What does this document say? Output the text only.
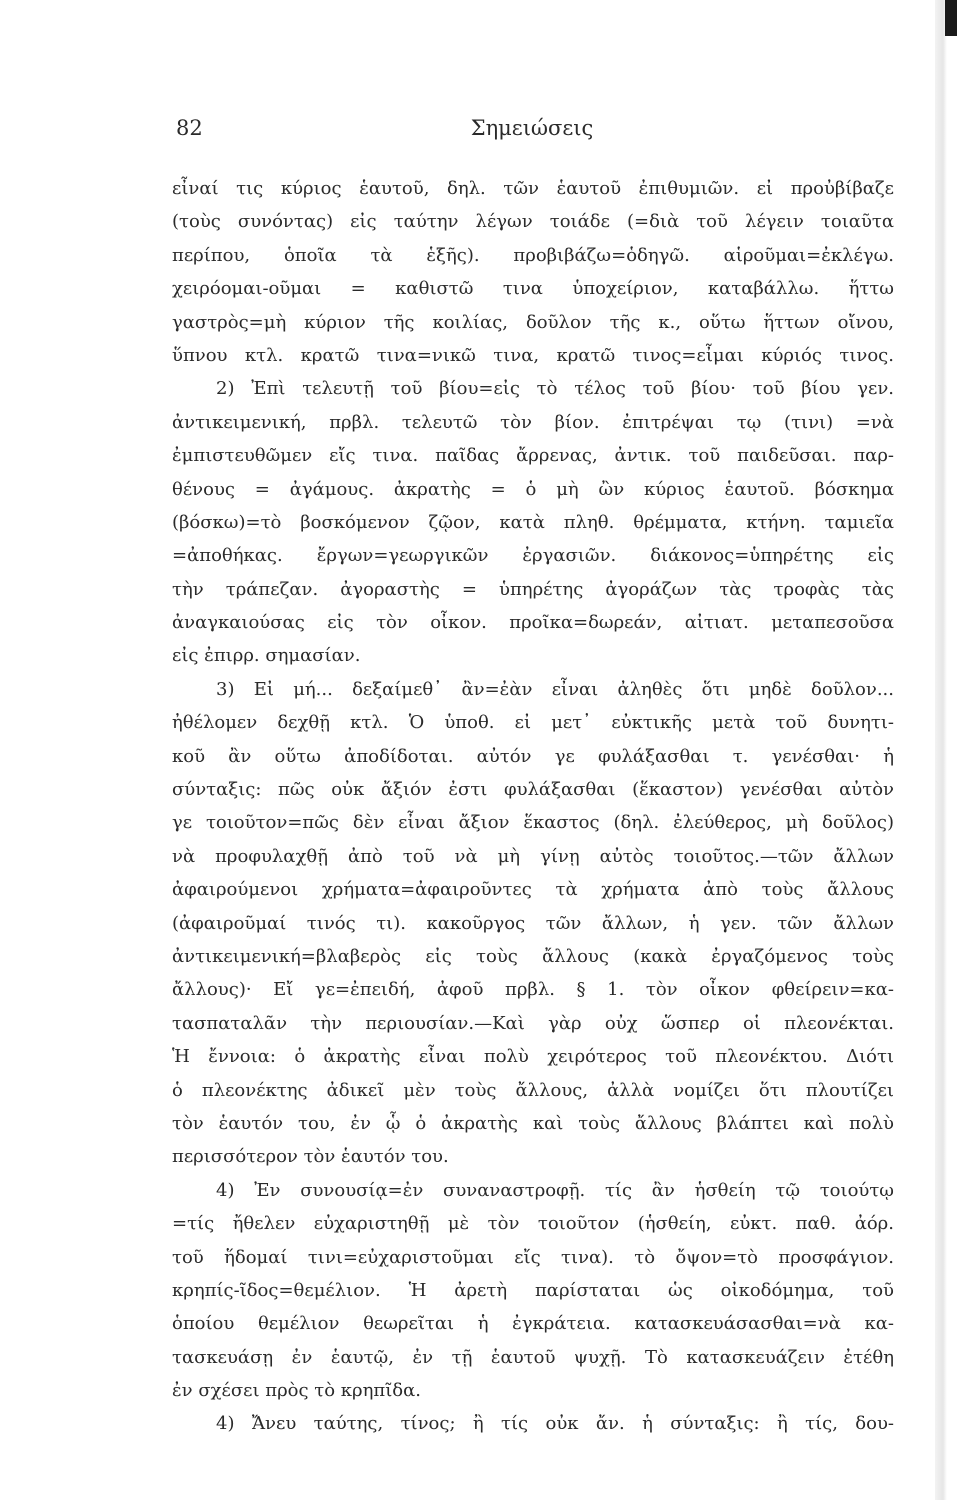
82	Σημειώσεις
εἶναί τις κύριος ἑαυτοῦ, δηλ. τῶν ἑαυτοῦ ἐπιθυμιῶν. εἰ προὐβίβαζε
(τοὺς συνόντας) εἰς ταύτην λέγων τοιάδε (=διὰ τοῦ λέγειν τοιαῦτα
περίπου, ὁποῖα τὰ ἑξῆς). προβιβάζω=ὁδηγῶ. αἱροῦμαι=ἐκλέγω.
χειρόομαι-οῦμαι = καθιστῶ τινα ὑποχείριον, καταβάλλω. ἥττω
γαστρὸς=μὴ κύριον τῆς κοιλίας, δοῦλον τῆς κ., οὕτω ἥττων οἴνου,
ὕπνου κτλ. κρατῶ τινα=νικῶ τινα, κρατῶ τινος=εἶμαι κύριός τινος.
2) Ἐπὶ τελευτῇ τοῦ βίου=εἰς τὸ τέλος τοῦ βίου· τοῦ βίου γεν.
ἀντικειμενική, πρβλ. τελευτῶ τὸν βίον. ἐπιτρέψαι τῳ (τινι) =νὰ
ἐμπιστευθῶμεν εἴς τινα. παῖδας ἄρρενας, ἀντικ. τοῦ παιδεῦσαι. παρ-
θένους = ἀγάμους. ἀκρατὴς = ὁ μὴ ὢν κύριος ἑαυτοῦ. βόσκημα
(βόσκω)=τὸ βοσκόμενον ζῷον, κατὰ πληθ. θρέμματα, κτήνη. ταμιεῖα
=ἀποθήκας. ἔργων=γεωργικῶν ἐργασιῶν. διάκονος=ὑπηρέτης εἰς
τὴν τράπεζαν. ἀγοραστὴς = ὑπηρέτης ἀγοράζων τὰς τροφὰς τὰς
ἀναγκαιούσας εἰς τὸν οἶκον. προῖκα=δωρεάν, αἰτιατ. μεταπεσοῦσα
εἰς ἐπιρρ. σημασίαν.
3) Εἰ μή... δεξαίμεθ᾽ ἂν=ἐὰν εἶναι ἀληθὲς ὅτι μηδὲ δοῦλον...
ἠθέλομεν δεχθῇ κτλ. Ὁ ὑποθ. εἰ μετ᾽ εὐκτικῆς μετὰ τοῦ δυνητι-
κοῦ ἂν οὕτω ἀποδίδοται. αὐτόν γε φυλάξασθαι τ. γενέσθαι· ἡ
σύνταξις: πῶς οὐκ ἄξιόν ἐστι φυλάξασθαι (ἕκαστον) γενέσθαι αὐτὸν
γε τοιοῦτον=πῶς δὲν εἶναι ἄξιον ἕκαστος (δηλ. ἐλεύθερος, μὴ δοῦλος)
νὰ προφυλαχθῇ ἀπὸ τοῦ νὰ μὴ γίνῃ αὐτὸς τοιοῦτος.—τῶν ἄλλων
ἀφαιρούμενοι χρήματα=ἀφαιροῦντες τὰ χρήματα ἀπὸ τοὺς ἄλλους
(ἀφαιροῦμαί τινός τι). κακοῦργος τῶν ἄλλων, ἡ γεν. τῶν ἄλλων
ἀντικειμενική=βλαβερὸς εἰς τοὺς ἄλλους (κακὰ ἐργαζόμενος τοὺς
ἄλλους)· Εἴ γε=ἐπειδή, ἀφοῦ πρβλ. § 1. τὸν οἶκον φθείρειν=κα-
τασπαταλᾶν τὴν περιουσίαν.—Καὶ γὰρ οὐχ ὥσπερ οἱ πλεονέκται.
Ἡ ἔννοια: ὁ ἀκρατὴς εἶναι πολὺ χειρότερος τοῦ πλεονέκτου. Διότι
ὁ πλεονέκτης ἀδικεῖ μὲν τοὺς ἄλλους, ἀλλὰ νομίζει ὅτι πλουτίζει
τὸν ἑαυτόν του, ἐν ᾧ ὁ ἀκρατὴς καὶ τοὺς ἄλλους βλάπτει καὶ πολὺ
περισσότερον τὸν ἑαυτόν του.
4) Ἐν συνουσίᾳ=ἐν συναναστροφῇ. τίς ἂν ἡσθείη τῷ τοιούτῳ
=τίς ἤθελεν εὐχαριστηθῇ μὲ τὸν τοιοῦτον (ἡσθείη, εὐκτ. παθ. ἀόρ.
τοῦ ἥδομαί τινι=εὐχαριστοῦμαι εἴς τινα). τὸ ὄψον=τὸ προσφάγιον.
κρηπίς-ῖδος=θεμέλιον. Ἡ ἀρετὴ παρίσταται ὡς οἰκοδόμημα, τοῦ
ὁποίου θεμέλιον θεωρεῖται ἡ ἐγκράτεια. κατασκευάσασθαι=νὰ κα-
τασκευάσῃ ἐν ἑαυτῷ, ἐν τῇ ἑαυτοῦ ψυχῇ. Τὸ κατασκευάζειν ἐτέθη
ἐν σχέσει πρὸς τὸ κρηπῖδα.
4) Ἄνευ ταύτης, τίνος; ἢ τίς οὐκ ἄν. ἡ σύνταξις: ἢ τίς, δου-
